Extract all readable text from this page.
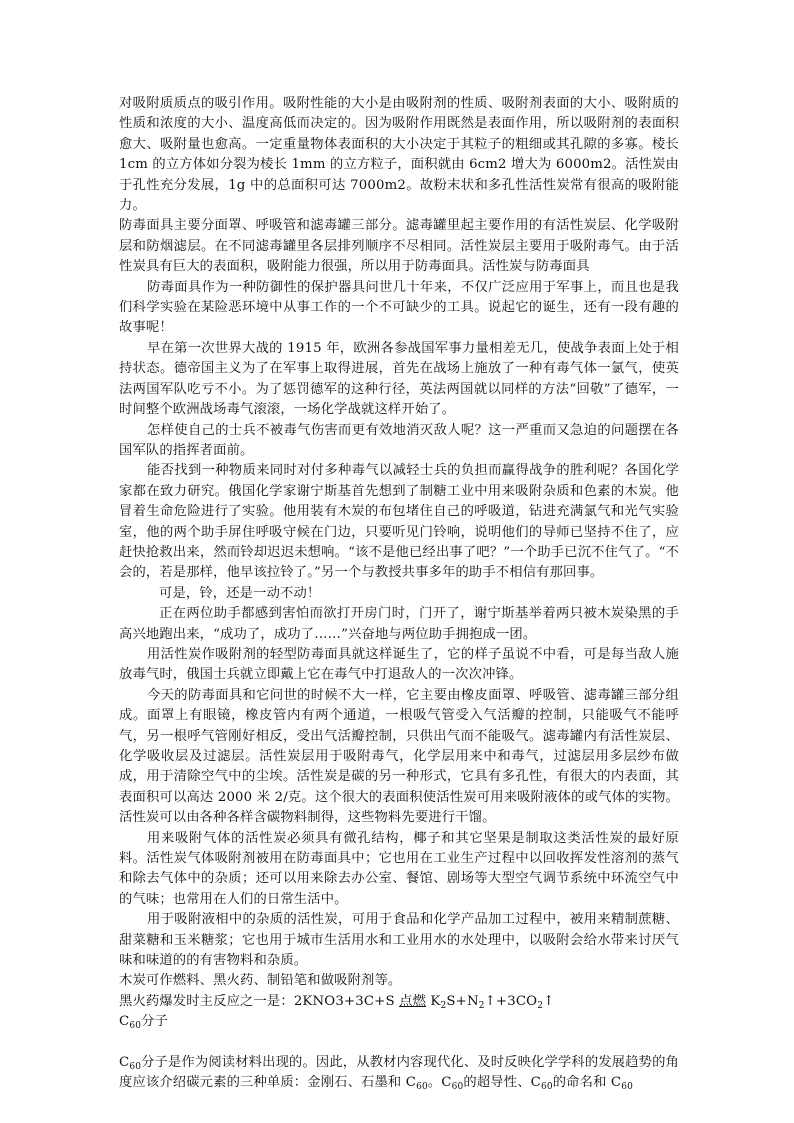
对吸附质质点的吸引作用。吸附性能的大小是由吸附剂的性质、吸附剂表面的大小、吸附质的性质和浓度的大小、温度高低而决定的。因为吸附作用既然是表面作用，所以吸附剂的表面积愈大、吸附量也愈高。一定重量物体表面积的大小决定于其粒子的粗细或其孔隙的多寡。棱长 1cm 的立方体如分裂为棱长 1mm 的立方粒子，面积就由 6cm2 增大为 6000m2。活性炭由于孔性充分发展，1g 中的总面积可达 7000m2。故粉末状和多孔性活性炭常有很高的吸附能力。

防毒面具主要分面罩、呼吸管和滤毒罐三部分。滤毒罐里起主要作用的有活性炭层、化学吸附层和防烟滤层。在不同滤毒罐里各层排列顺序不尽相同。活性炭层主要用于吸附毒气。由于活性炭具有巨大的表面积，吸附能力很强，所以用于防毒面具。活性炭与防毒面具

防毒面具作为一种防御性的保护器具问世几十年来，不仅广泛应用于军事上，而且也是我们科学实验在某险恶环境中从事工作的一个不可缺少的工具。说起它的诞生，还有一段有趣的故事呢！

早在第一次世界大战的 1915 年，欧洲各参战国军事力量相差无几，使战争表面上处于相持状态。德帝国主义为了在军事上取得进展，首先在战场上施放了一种有毒气体一氯气，使英法两国军队吃亏不小。为了惩罚德军的这种行径，英法两国就以同样的方法“回敬”了德军，一时间整个欧洲战场毒气滚滚，一场化学战就这样开始了。

怎样使自己的士兵不被毒气伤害而更有效地消灭敌人呢？这一严重而又急迫的问题摆在各国军队的指挥者面前。

能否找到一种物质来同时对付多种毒气以减轻士兵的负担而赢得战争的胜利呢？各国化学家都在致力研究。俄国化学家谢宁斯基首先想到了制糖工业中用来吸附杂质和色素的木炭。他冒着生命危险进行了实验。他用装有木炭的布包堵住自己的呼吸道，钻进充满氯气和光气实验室，他的两个助手屏住呼吸守候在门边，只要听见门铃响，说明他们的导师已坚持不住了，应赶快抢救出来，然而铃却迟迟未想响。“该不是他已经出事了吧？”一个助手已沉不住气了。“不会的，若是那样，他早该拉铃了。”另一个与教授共事多年的助手不相信有那回事。

可是，铃，还是一动不动！

正在两位助手都感到害怕而欲打开房门时，门开了，谢宁斯基举着两只被木炭染黑的手高兴地跑出来，“成功了，成功了……”兴奋地与两位助手拥抱成一团。

用活性炭作吸附剂的轻型防毒面具就这样诞生了，它的样子虽说不中看，可是每当敌人施放毒气时，俄国士兵就立即戴上它在毒气中打退敌人的一次次冲锋。

今天的防毒面具和它问世的时候不大一样，它主要由橡皮面罩、呼吸管、滤毒罐三部分组成。面罩上有眼镜，橡皮管内有两个通道，一根吸气管受入气活瓣的控制，只能吸气不能呼气，另一根呼气管刚好相反，受出气活瓣控制，只供出气而不能吸气。滤毒罐内有活性炭层、化学吸收层及过滤层。活性炭层用于吸附毒气，化学层用来中和毒气，过滤层用多层纱布做成，用于清除空气中的尘埃。活性炭是碳的另一种形式，它具有多孔性，有很大的内表面，其表面积可以高达 2000 米 2/克。这个很大的表面积使活性炭可用来吸附液体的或气体的实物。活性炭可以由各种各样含碳物料制得，这些物料先要进行干馏。

用来吸附气体的活性炭必须具有微孔结构，椰子和其它坚果是制取这类活性炭的最好原料。活性炭气体吸附剂被用在防毒面具中；它也用在工业生产过程中以回收挥发性溶剂的蒸气和除去气体中的杂质；还可以用来除去办公室、餐馆、剧场等大型空气调节系统中环流空气中的气味；也常用在人们的日常生活中。

用于吸附液相中的杂质的活性炭，可用于食品和化学产品加工过程中，被用来精制蔗糖、甜菜糖和玉米糖浆；它也用于城市生活用水和工业用水的水处理中，以吸附会给水带来讨厌气味和味道的的有害物料和杂质。

木炭可作燃料、黑火药、制铅笔和做吸附剂等。

黑火药爆发时主反应之一是：2KNO3+3C+S 点燃 $K_2S+N_2↑+3CO_2↑$

$C_{60}$分子

$C_{60}$分子是作为阅读材料出现的。因此，从教材内容现代化、及时反映化学学科的发展趋势的角度应该介绍碳元素的三种单质：金刚石、石墨和 $C_{60}$。$C_{60}$的超导性、$C_{60}$的命名和 $C_{60}$
